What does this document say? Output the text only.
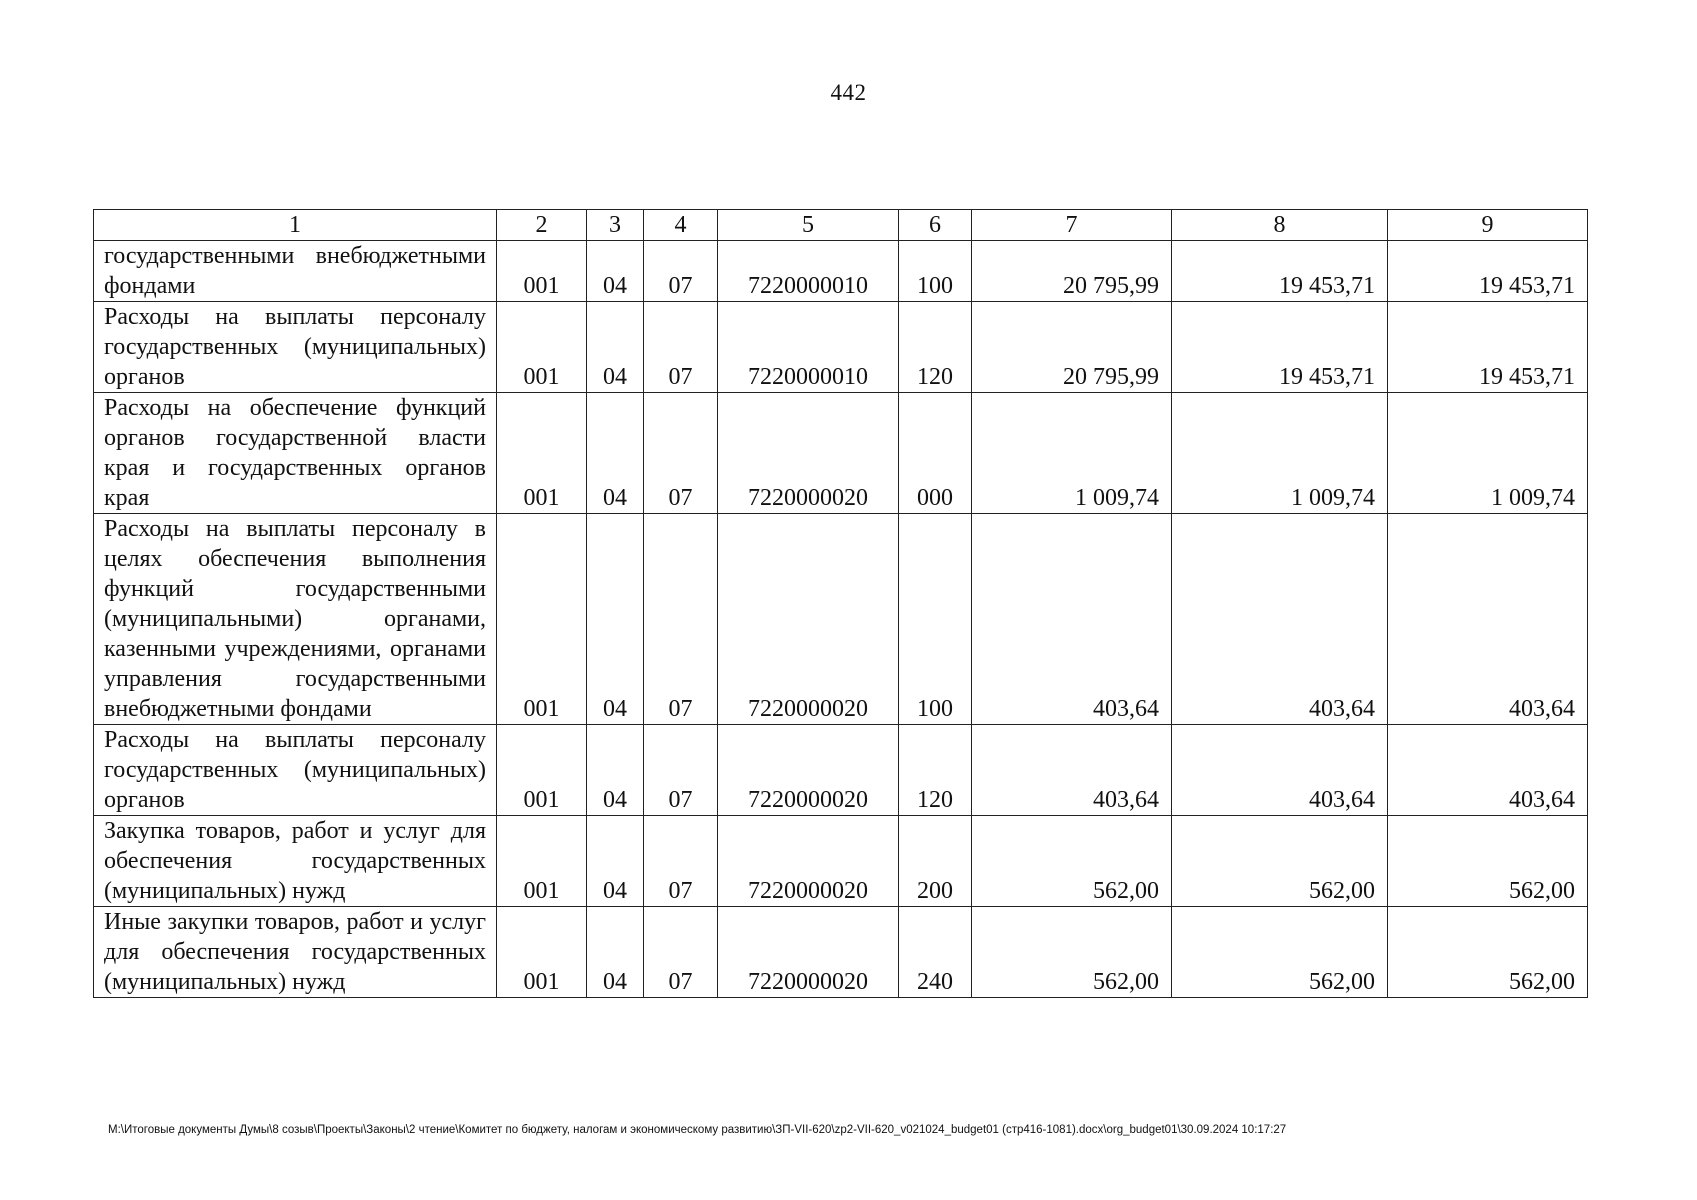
442
1	2	3	4	5	6	7	8	9
государственными внебюджетными фондами	001	04	07	7220000010	100	20 795,99	19 453,71	19 453,71
Расходы на выплаты персоналу государственных (муниципальных) органов	001	04	07	7220000010	120	20 795,99	19 453,71	19 453,71
Расходы на обеспечение функций органов государственной власти края и государственных органов края	001	04	07	7220000020	000	1 009,74	1 009,74	1 009,74
Расходы на выплаты персоналу в целях обеспечения выполнения функций государственными (муниципальными) органами, казенными учреждениями, органами управления государственными внебюджетными фондами	001	04	07	7220000020	100	403,64	403,64	403,64
Расходы на выплаты персоналу государственных (муниципальных) органов	001	04	07	7220000020	120	403,64	403,64	403,64
Закупка товаров, работ и услуг для обеспечения государственных (муниципальных) нужд	001	04	07	7220000020	200	562,00	562,00	562,00
Иные закупки товаров, работ и услуг для обеспечения государственных (муниципальных) нужд	001	04	07	7220000020	240	562,00	562,00	562,00
M:\Итоговые документы Думы\8 созыв\Проекты\Законы\2 чтение\Комитет по бюджету, налогам и экономическому развитию\ЗП-VII-620\zp2-VII-620_v021024_budget01 (стр416-1081).docx\org_budget01\30.09.2024 10:17:27
